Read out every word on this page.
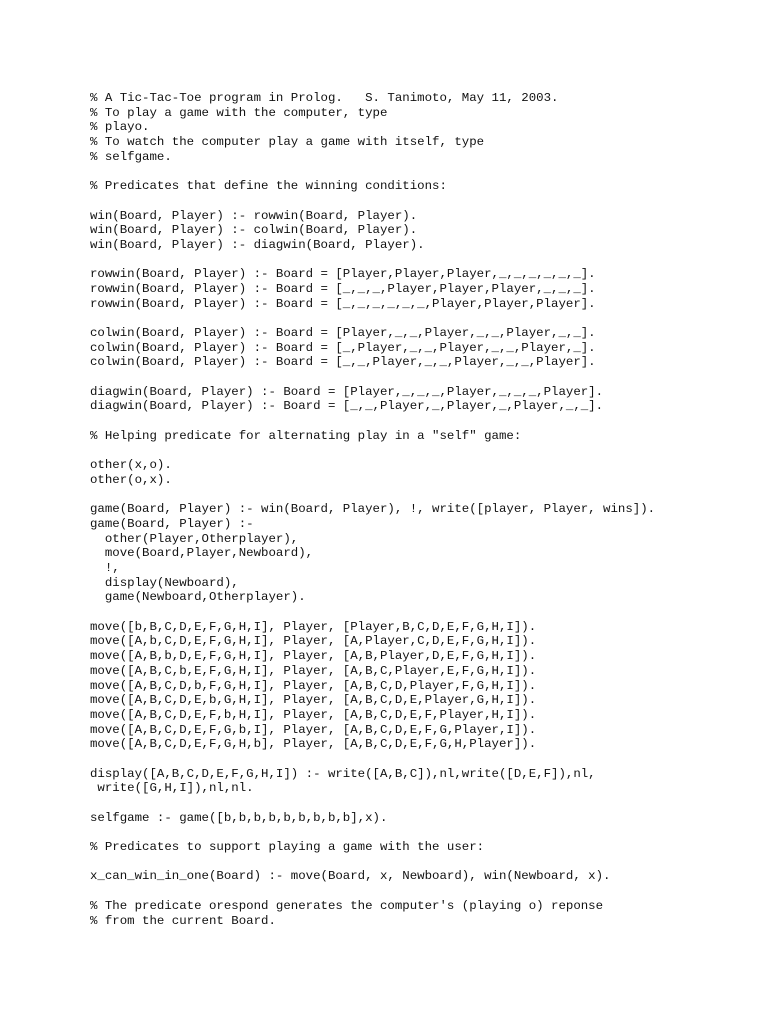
% A Tic-Tac-Toe program in Prolog.   S. Tanimoto, May 11, 2003.
% To play a game with the computer, type
% playo.
% To watch the computer play a game with itself, type
% selfgame.
% Predicates that define the winning conditions:
win(Board, Player) :- rowwin(Board, Player).
win(Board, Player) :- colwin(Board, Player).
win(Board, Player) :- diagwin(Board, Player).
rowwin(Board, Player) :- Board = [Player,Player,Player,_,_,_,_,_,_].
rowwin(Board, Player) :- Board = [_,_,_,Player,Player,Player,_,_,_].
rowwin(Board, Player) :- Board = [_,_,_,_,_,_,Player,Player,Player].
colwin(Board, Player) :- Board = [Player,_,_,Player,_,_,Player,_,_].
colwin(Board, Player) :- Board = [_,Player,_,_,Player,_,_,Player,_].
colwin(Board, Player) :- Board = [_,_,Player,_,_,Player,_,_,Player].
diagwin(Board, Player) :- Board = [Player,_,_,_,Player,_,_,_,Player].
diagwin(Board, Player) :- Board = [_,_,Player,_,Player,_,Player,_,_].
% Helping predicate for alternating play in a "self" game:
other(x,o).
other(o,x).
game(Board, Player) :- win(Board, Player), !, write([player, Player, wins]).
game(Board, Player) :-
other(Player,Otherplayer),
move(Board,Player,Newboard),
!,
display(Newboard),
game(Newboard,Otherplayer).
move([b,B,C,D,E,F,G,H,I], Player, [Player,B,C,D,E,F,G,H,I]).
move([A,b,C,D,E,F,G,H,I], Player, [A,Player,C,D,E,F,G,H,I]).
move([A,B,b,D,E,F,G,H,I], Player, [A,B,Player,D,E,F,G,H,I]).
move([A,B,C,b,E,F,G,H,I], Player, [A,B,C,Player,E,F,G,H,I]).
move([A,B,C,D,b,F,G,H,I], Player, [A,B,C,D,Player,F,G,H,I]).
move([A,B,C,D,E,b,G,H,I], Player, [A,B,C,D,E,Player,G,H,I]).
move([A,B,C,D,E,F,b,H,I], Player, [A,B,C,D,E,F,Player,H,I]).
move([A,B,C,D,E,F,G,b,I], Player, [A,B,C,D,E,F,G,Player,I]).
move([A,B,C,D,E,F,G,H,b], Player, [A,B,C,D,E,F,G,H,Player]).
display([A,B,C,D,E,F,G,H,I]) :- write([A,B,C]),nl,write([D,E,F]),nl,
write([G,H,I]),nl,nl.
selfgame :- game([b,b,b,b,b,b,b,b,b],x).
% Predicates to support playing a game with the user:
x_can_win_in_one(Board) :- move(Board, x, Newboard), win(Newboard, x).
% The predicate orespond generates the computer's (playing o) reponse
% from the current Board.
